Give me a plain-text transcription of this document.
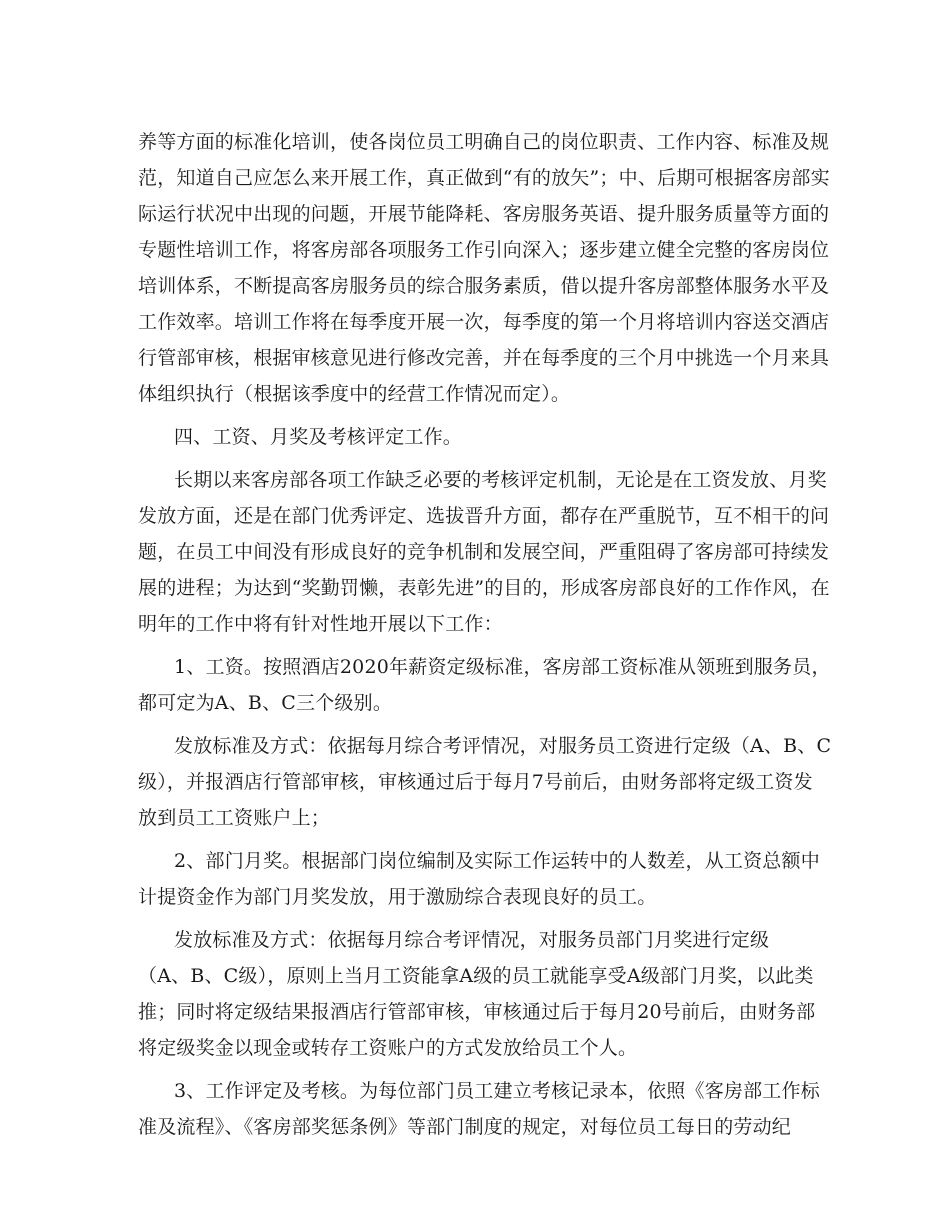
养等方面的标准化培训，使各岗位员工明确自己的岗位职责、工作内容、标准及规
范，知道自己应怎么来开展工作，真正做到“有的放矢”；中、后期可根据客房部实
际运行状况中出现的问题，开展节能降耗、客房服务英语、提升服务质量等方面的
专题性培训工作，将客房部各项服务工作引向深入；逐步建立健全完整的客房岗位
培训体系，不断提高客房服务员的综合服务素质，借以提升客房部整体服务水平及
工作效率。培训工作将在每季度开展一次，每季度的第一个月将培训内容送交酒店
行管部审核，根据审核意见进行修改完善，并在每季度的三个月中挑选一个月来具
体组织执行（根据该季度中的经营工作情况而定）。
四、工资、月奖及考核评定工作。
长期以来客房部各项工作缺乏必要的考核评定机制，无论是在工资发放、月奖
发放方面，还是在部门优秀评定、选拔晋升方面，都存在严重脱节，互不相干的问
题，在员工中间没有形成良好的竞争机制和发展空间，严重阻碍了客房部可持续发
展的进程；为达到“奖勤罚懒，表彰先进”的目的，形成客房部良好的工作作风，在
明年的工作中将有针对性地开展以下工作：
1、工资。按照酒店2020年薪资定级标准，客房部工资标准从领班到服务员，
都可定为A、B、C三个级别。
发放标准及方式：依据每月综合考评情况，对服务员工资进行定级（A、B、C
级），并报酒店行管部审核，审核通过后于每月7号前后，由财务部将定级工资发
放到员工工资账户上；
2、部门月奖。根据部门岗位编制及实际工作运转中的人数差，从工资总额中
计提资金作为部门月奖发放，用于激励综合表现良好的员工。
发放标准及方式：依据每月综合考评情况，对服务员部门月奖进行定级
（A、B、C级），原则上当月工资能拿A级的员工就能享受A级部门月奖，以此类
推；同时将定级结果报酒店行管部审核，审核通过后于每月20号前后，由财务部
将定级奖金以现金或转存工资账户的方式发放给员工个人。
3、工作评定及考核。为每位部门员工建立考核记录本，依照《客房部工作标
准及流程》、《客房部奖惩条例》等部门制度的规定，对每位员工每日的劳动纪
